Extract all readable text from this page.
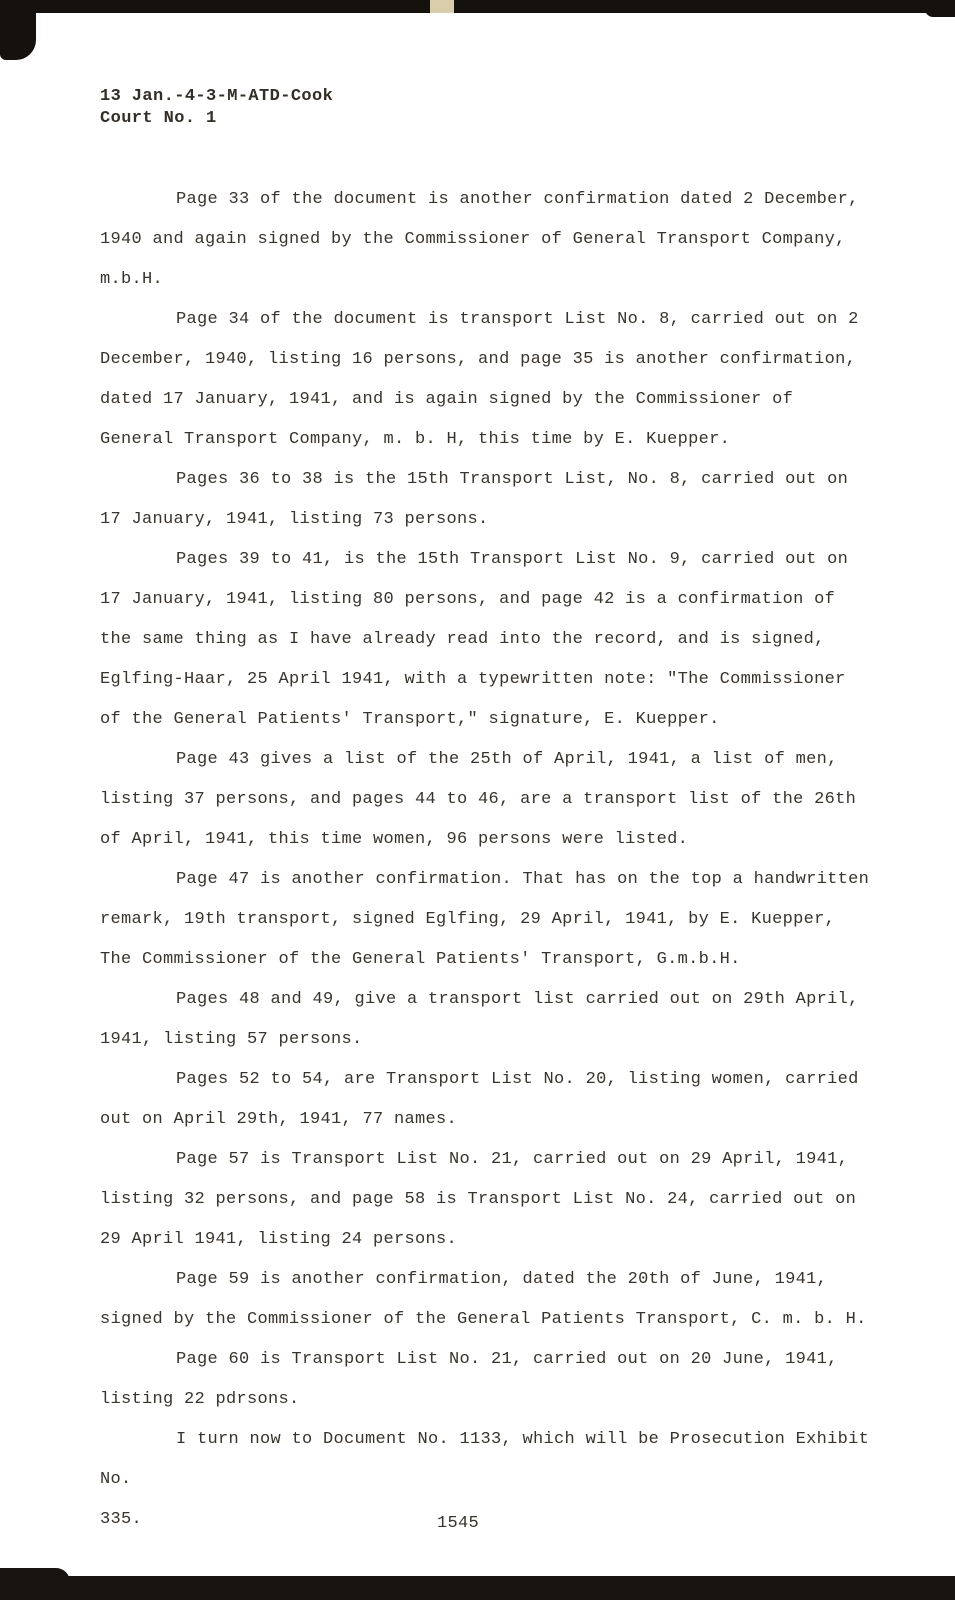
13 Jan.-4-3-M-ATD-Cook
Court No. 1

Page 33 of the document is another confirmation dated 2 December, 1940 and again signed by the Commissioner of General Transport Company, m.b.H.

Page 34 of the document is transport List No. 8, carried out on 2 December, 1940, listing 16 persons, and page 35 is another confirmation, dated 17 January, 1941, and is again signed by the Commissioner of General Transport Company, m. b. H, this time by E. Kuepper.

Pages 36 to 38 is the 15th Transport List, No. 8, carried out on 17 January, 1941, listing 73 persons.

Pages 39 to 41, is the 15th Transport List No. 9, carried out on 17 January, 1941, listing 80 persons, and page 42 is a confirmation of the same thing as I have already read into the record, and is signed, Eglfing-Haar, 25 April 1941, with a typewritten note: "The Commissioner of the General Patients' Transport," signature, E. Kuepper.

Page 43 gives a list of the 25th of April, 1941, a list of men, listing 37 persons, and pages 44 to 46, are a transport list of the 26th of April, 1941, this time women, 96 persons were listed.

Page 47 is another confirmation. That has on the top a handwritten remark, 19th transport, signed Eglfing, 29 April, 1941, by E. Kuepper, The Commissioner of the General Patients' Transport, G.m.b.H.

Pages 48 and 49, give a transport list carried out on 29th April, 1941, listing 57 persons.

Pages 52 to 54, are Transport List No. 20, listing women, carried out on April 29th, 1941, 77 names.

Page 57 is Transport List No. 21, carried out on 29 April, 1941, listing 32 persons, and page 58 is Transport List No. 24, carried out on 29 April 1941, listing 24 persons.

Page 59 is another confirmation, dated the 20th of June, 1941, signed by the Commissioner of the General Patients Transport, C. m. b. H.

Page 60 is Transport List No. 21, carried out on 20 June, 1941, listing 22 pdrsons.

I turn now to Document No. 1133, which will be Prosecution Exhibit No.

335.	1545
